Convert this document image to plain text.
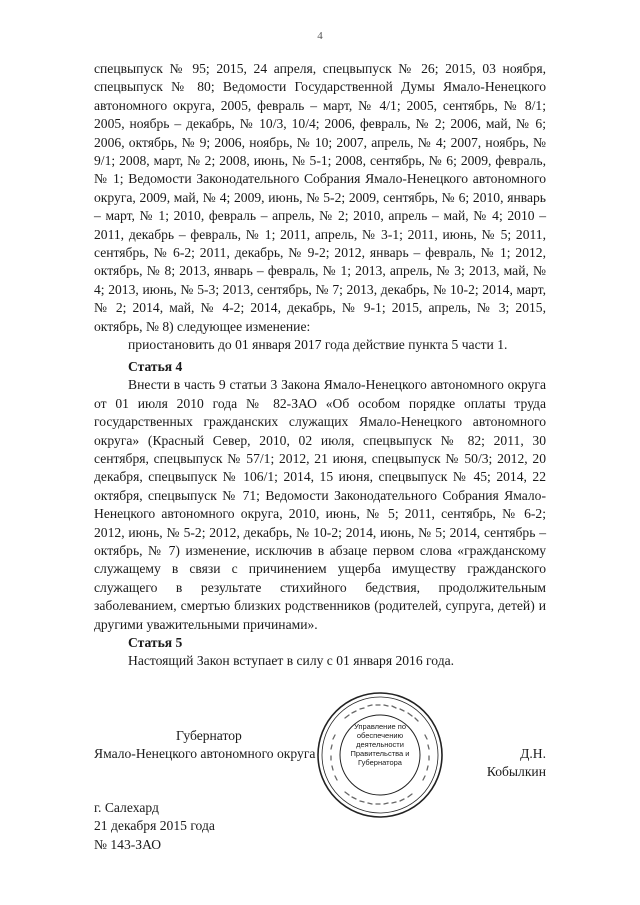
4

спецвыпуск № 95; 2015, 24 апреля, спецвыпуск № 26; 2015, 03 ноября, спецвыпуск № 80; Ведомости Государственной Думы Ямало-Ненецкого автономного округа, 2005, февраль – март, № 4/1; 2005, сентябрь, № 8/1; 2005, ноябрь – декабрь, № 10/3, 10/4; 2006, февраль, № 2; 2006, май, № 6; 2006, октябрь, № 9; 2006, ноябрь, № 10; 2007, апрель, № 4; 2007, ноябрь, № 9/1; 2008, март, № 2; 2008, июнь, № 5-1; 2008, сентябрь, № 6; 2009, февраль, № 1; Ведомости Законодательного Собрания Ямало-Ненецкого автономного округа, 2009, май, № 4; 2009, июнь, № 5-2; 2009, сентябрь, № 6; 2010, январь – март, № 1; 2010, февраль – апрель, № 2; 2010, апрель – май, № 4; 2010 – 2011, декабрь – февраль, № 1; 2011, апрель, № 3-1; 2011, июнь, № 5; 2011, сентябрь, № 6-2; 2011, декабрь, № 9-2; 2012, январь – февраль, № 1; 2012, октябрь, № 8; 2013, январь – февраль, № 1; 2013, апрель, № 3; 2013, май, № 4; 2013, июнь, № 5-3; 2013, сентябрь, № 7; 2013, декабрь, № 10-2; 2014, март, № 2; 2014, май, № 4-2; 2014, декабрь, № 9-1; 2015, апрель, № 3; 2015, октябрь, № 8) следующее изменение:

приостановить до 01 января 2017 года действие пункта 5 части 1.

Статья 4

Внести в часть 9 статьи 3 Закона Ямало-Ненецкого автономного округа от 01 июля 2010 года № 82-ЗАО «Об особом порядке оплаты труда государственных гражданских служащих Ямало-Ненецкого автономного округа» (Красный Север, 2010, 02 июля, спецвыпуск № 82; 2011, 30 сентября, спецвыпуск № 57/1; 2012, 21 июня, спецвыпуск № 50/3; 2012, 20 декабря, спецвыпуск № 106/1; 2014, 15 июня, спецвыпуск № 45; 2014, 22 октября, спецвыпуск № 71; Ведомости Законодательного Собрания Ямало-Ненецкого автономного округа, 2010, июнь, № 5; 2011, сентябрь, № 6-2; 2012, июнь, № 5-2; 2012, декабрь, № 10-2; 2014, июнь, № 5; 2014, сентябрь – октябрь, № 7) изменение, исключив в абзаце первом слова «гражданскому служащему в связи с причинением ущерба имуществу гражданского служащего в результате стихийного бедствия, продолжительным заболеванием, смертью близких родственников (родителей, супруга, детей) и другими уважительными причинами».

Статья 5

Настоящий Закон вступает в силу с 01 января 2016 года.

Губернатор
Ямало-Ненецкого автономного округа	Д.Н. Кобылкин
Управление по обеспечению деятельности Правительства и Губернатора
г. Салехард
21 декабря 2015 года
№ 143-ЗАО
